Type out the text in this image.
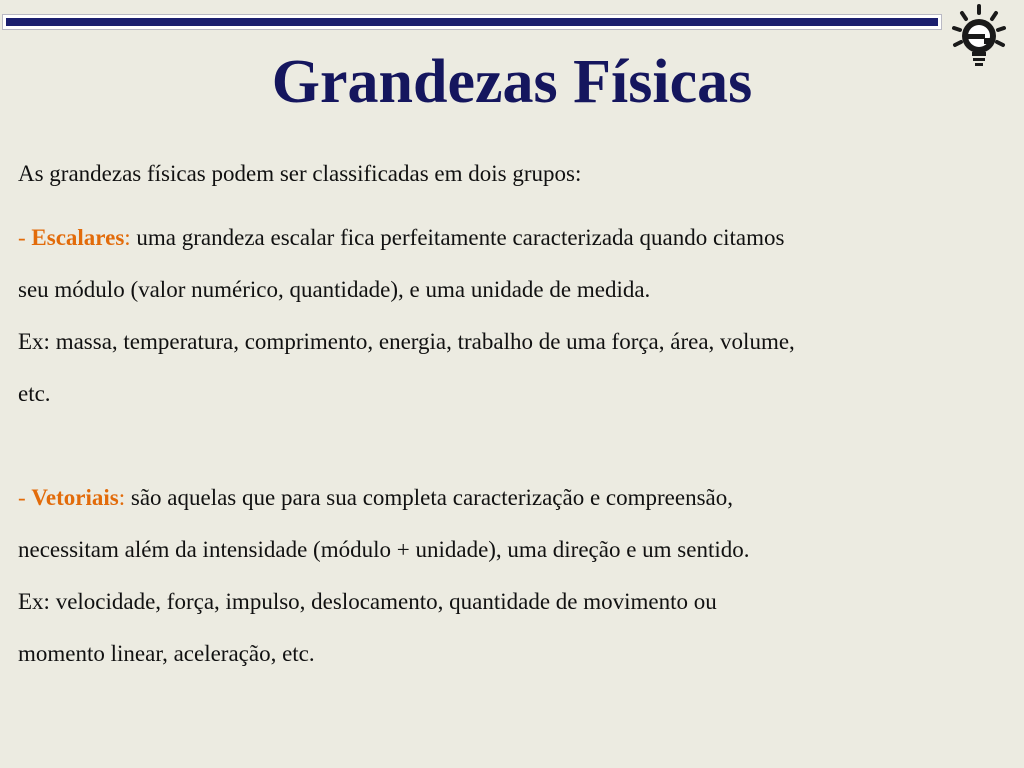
Grandezas Físicas
As grandezas físicas podem ser classificadas em dois grupos:
- Escalares: uma grandeza escalar fica perfeitamente caracterizada quando citamos
seu módulo (valor numérico, quantidade), e uma unidade de medida.
Ex: massa, temperatura, comprimento, energia, trabalho de uma força, área, volume,
etc.
- Vetoriais: são aquelas que para sua completa caracterização e compreensão,
necessitam além da intensidade (módulo + unidade), uma direção e um sentido.
Ex: velocidade, força, impulso, deslocamento, quantidade de movimento ou
momento linear, aceleração, etc.
